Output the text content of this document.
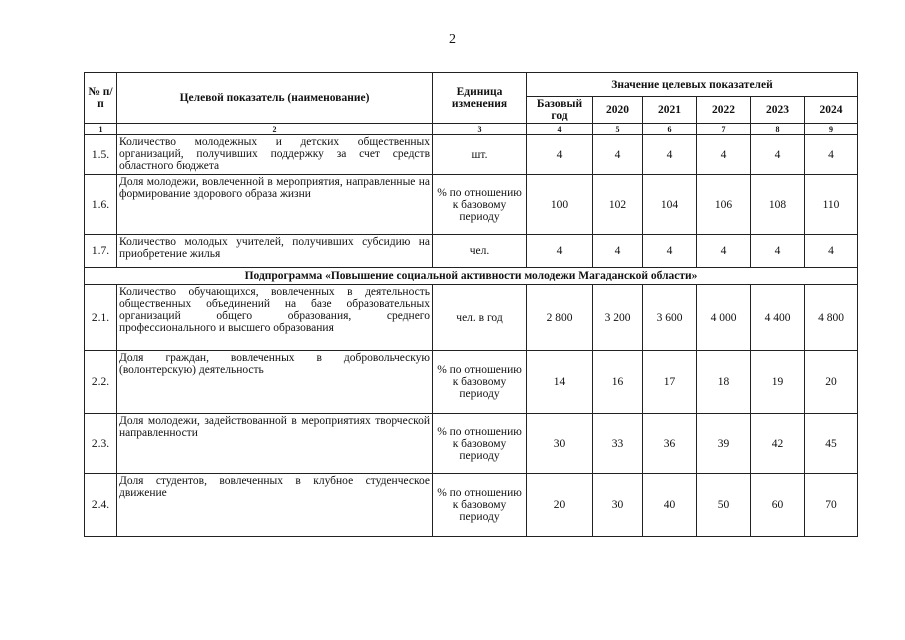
2
№ п/п	Целевой показатель (наименование)	Единица изменения	Значение целевых показателей					
			Базовый год	2020	2021	2022	2023	2024
1	2	3	4	5	6	7	8	9
1.5.	Количество молодежных и детских общественных организаций, получивших поддержку за счет средств областного бюджета	шт.	4	4	4	4	4	4
1.6.	Доля молодежи, вовлеченной в мероприятия, направленные на формирование здорового образа жизни	% по отношению к базовому периоду	100	102	104	106	108	110
1.7.	Количество молодых учителей, получивших субсидию на приобретение жилья	чел.	4	4	4	4	4	4
Подпрограмма «Повышение социальной активности молодежи Магаданской области»								
2.1.	Количество обучающихся, вовлеченных в деятельность общественных объединений на базе образовательных организаций общего образования, среднего профессионального и высшего образования	чел. в год	2 800	3 200	3 600	4 000	4 400	4 800
2.2.	Доля граждан, вовлеченных в добровольческую (волонтерскую) деятельность	% по отношению к базовому периоду	14	16	17	18	19	20
2.3.	Доля молодежи, задействованной в мероприятиях творческой направленности	% по отношению к базовому периоду	30	33	36	39	42	45
2.4.	Доля студентов, вовлеченных в клубное студенческое движение	% по отношению к базовому периоду	20	30	40	50	60	70
